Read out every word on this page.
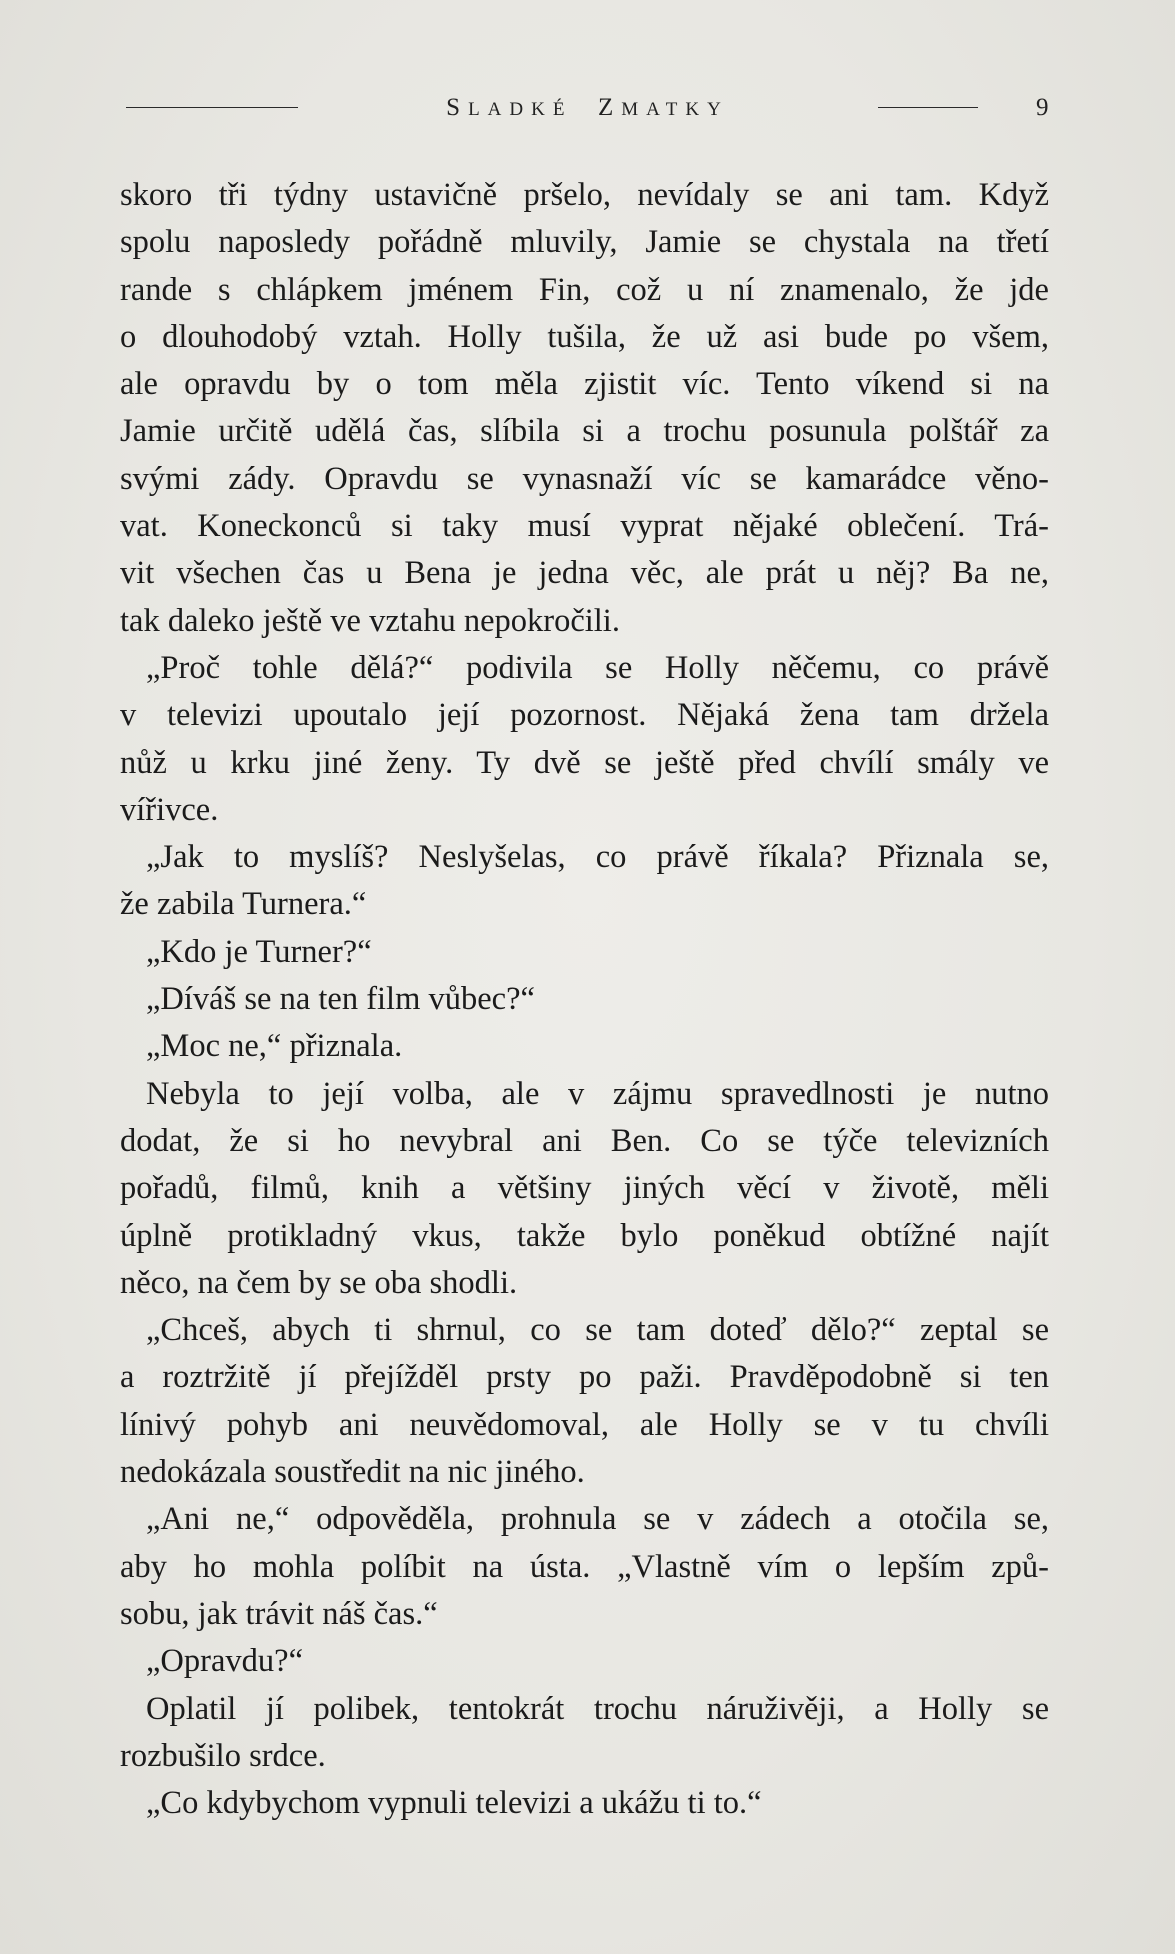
SLADKÉ ZMATKY	9
skoro tři týdny ustavičně pršelo, nevídaly se ani tam. Když
spolu naposledy pořádně mluvily, Jamie se chystala na třetí
rande s chlápkem jménem Fin, což u ní znamenalo, že jde
o dlouhodobý vztah. Holly tušila, že už asi bude po všem,
ale opravdu by o tom měla zjistit víc. Tento víkend si na
Jamie určitě udělá čas, slíbila si a trochu posunula polštář za
svými zády. Opravdu se vynasnaží víc se kamarádce věno-
vat. Koneckonců si taky musí vyprat nějaké oblečení. Trá-
vit všechen čas u Bena je jedna věc, ale prát u něj? Ba ne,
tak daleko ještě ve vztahu nepokročili.
„Proč tohle dělá?“ podivila se Holly něčemu, co právě
v televizi upoutalo její pozornost. Nějaká žena tam držela
nůž u krku jiné ženy. Ty dvě se ještě před chvílí smály ve
vířivce.
„Jak to myslíš? Neslyšelas, co právě říkala? Přiznala se,
že zabila Turnera.“
„Kdo je Turner?“
„Díváš se na ten film vůbec?“
„Moc ne,“ přiznala.
Nebyla to její volba, ale v zájmu spravedlnosti je nutno
dodat, že si ho nevybral ani Ben. Co se týče televizních
pořadů, filmů, knih a většiny jiných věcí v životě, měli
úplně protikladný vkus, takže bylo poněkud obtížné najít
něco, na čem by se oba shodli.
„Chceš, abych ti shrnul, co se tam doteď dělo?“ zeptal se
a roztržitě jí přejížděl prsty po paži. Pravděpodobně si ten
línivý pohyb ani neuvědomoval, ale Holly se v tu chvíli
nedokázala soustředit na nic jiného.
„Ani ne,“ odpověděla, prohnula se v zádech a otočila se,
aby ho mohla políbit na ústa. „Vlastně vím o lepším způ-
sobu, jak trávit náš čas.“
„Opravdu?“
Oplatil jí polibek, tentokrát trochu náruživěji, a Holly se
rozbušilo srdce.
„Co kdybychom vypnuli televizi a ukážu ti to.“
